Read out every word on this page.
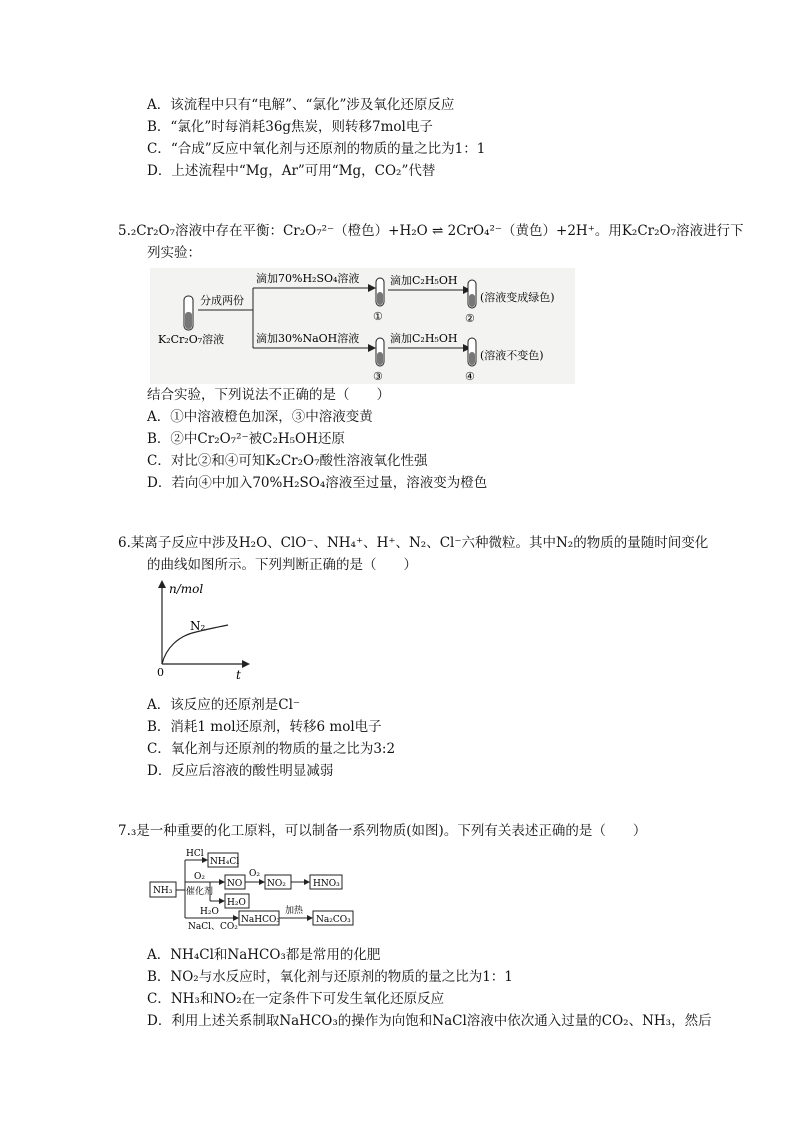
A．该流程中只有“电解”、“氯化”涉及氧化还原反应
B．“氯化”时每消耗36g焦炭，则转移7mol电子
C．“合成”反应中氧化剂与还原剂的物质的量之比为1：1
D．上述流程中“Mg，Ar”可用“Mg，CO₂”代替
5.₂Cr₂O₇溶液中存在平衡：Cr₂O₇²⁻（橙色）+H₂O ⇌ 2CrO₄²⁻（黄色）+2H⁺。用K₂Cr₂O₇溶液进行下
列实验：
K₂Cr₂O₇溶液
分成两份
滴加70%H₂SO₄溶液
滴加30%NaOH溶液
①
③
滴加C₂H₅OH
滴加C₂H₅OH
②
(溶液变成绿色)
④
(溶液不变色)
结合实验，下列说法不正确的是（　　）
A．①中溶液橙色加深，③中溶液变黄
B．②中Cr₂O₇²⁻被C₂H₅OH还原
C．对比②和④可知K₂Cr₂O₇酸性溶液氧化性强
D．若向④中加入70%H₂SO₄溶液至过量，溶液变为橙色
6.某离子反应中涉及H₂O、ClO⁻、NH₄⁺、H⁺、N₂、Cl⁻六种微粒。其中N₂的物质的量随时间变化
的曲线如图所示。下列判断正确的是（　　）
n/mol
t
0
N₂
A．该反应的还原剂是Cl⁻
B．消耗1 mol还原剂，转移6 mol电子
C．氧化剂与还原剂的物质的量之比为3:2
D．反应后溶液的酸性明显减弱
7.₃是一种重要的化工原料，可以制备一系列物质(如图)。下列有关表述正确的是（　　）
NH₃
HCl
NH₄Cl
O₂
催化剂
NO
O₂
NO₂	HNO₃
H₂O
H₂O
NaCl、CO₂
NaHCO₃
加热
Na₂CO₃
A．NH₄Cl和NaHCO₃都是常用的化肥
B．NO₂与水反应时，氧化剂与还原剂的物质的量之比为1：1
C．NH₃和NO₂在一定条件下可发生氧化还原反应
D．利用上述关系制取NaHCO₃的操作为向饱和NaCl溶液中依次通入过量的CO₂、NH₃，然后
